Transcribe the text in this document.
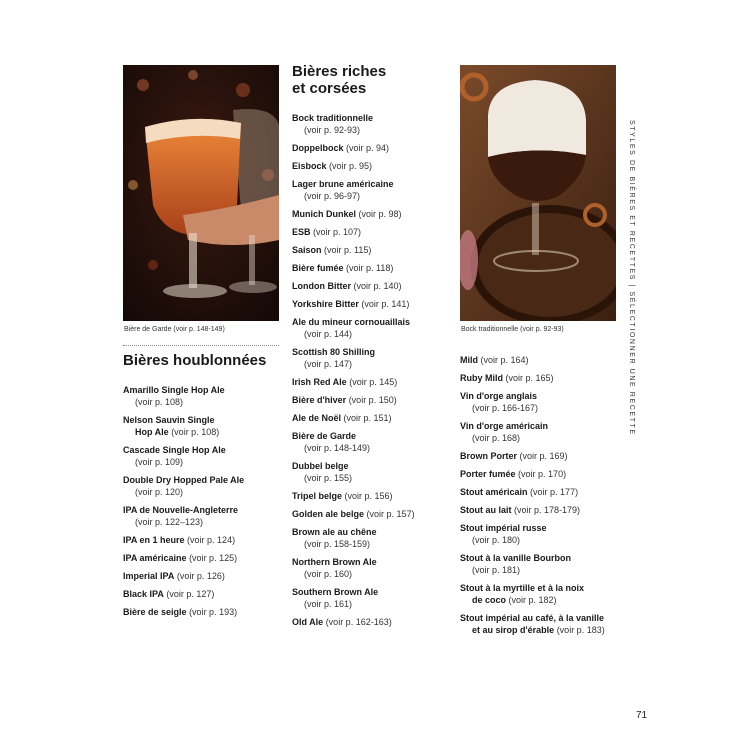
Bière de Garde (voir p. 148-149)	Bock traditionnelle (voir p. 92-93)
Bières riches
et corsées
Bières houblonnées

Amarillo Single Hop Ale
(voir p. 108)

Nelson Sauvin Single
Hop Ale (voir p. 108)

Cascade Single Hop Ale
(voir p. 109)

Double Dry Hopped Pale Ale
(voir p. 120)

IPA de Nouvelle-Angleterre
(voir p. 122–123)

IPA en 1 heure (voir p. 124)

IPA américaine (voir p. 125)

Imperial IPA (voir p. 126)

Black IPA (voir p. 127)

Bière de seigle (voir p. 193)

Bock traditionnelle
(voir p. 92-93)

Doppelbock (voir p. 94)

Eisbock (voir p. 95)

Lager brune américaine
(voir p. 96-97)

Munich Dunkel (voir p. 98)

ESB (voir p. 107)

Saison (voir p. 115)

Bière fumée (voir p. 118)

London Bitter (voir p. 140)

Yorkshire Bitter (voir p. 141)

Ale du mineur cornouaillais
(voir p. 144)

Scottish 80 Shilling
(voir p. 147)

Irish Red Ale (voir p. 145)

Bière d'hiver (voir p. 150)

Ale de Noël (voir p. 151)

Bière de Garde
(voir p. 148-149)

Dubbel belge
(voir p. 155)

Tripel belge (voir p. 156)

Golden ale belge (voir p. 157)

Brown ale au chêne
(voir p. 158-159)

Northern Brown Ale
(voir p. 160)

Southern Brown Ale
(voir p. 161)

Old Ale (voir p. 162-163)

Mild (voir p. 164)

Ruby Mild (voir p. 165)

Vin d'orge anglais
(voir p. 166-167)

Vin d'orge américain
(voir p. 168)

Brown Porter (voir p. 169)

Porter fumée (voir p. 170)

Stout américain (voir p. 177)

Stout au lait (voir p. 178-179)

Stout impérial russe
(voir p. 180)

Stout à la vanille Bourbon
(voir p. 181)

Stout à la myrtille et à la noix
de coco (voir p. 182)

Stout impérial au café, à la vanille
et au sirop d'érable (voir p. 183)

STYLES DE BIÈRES ET RECETTES | SÉLECTIONNER UNE RECETTE
71
